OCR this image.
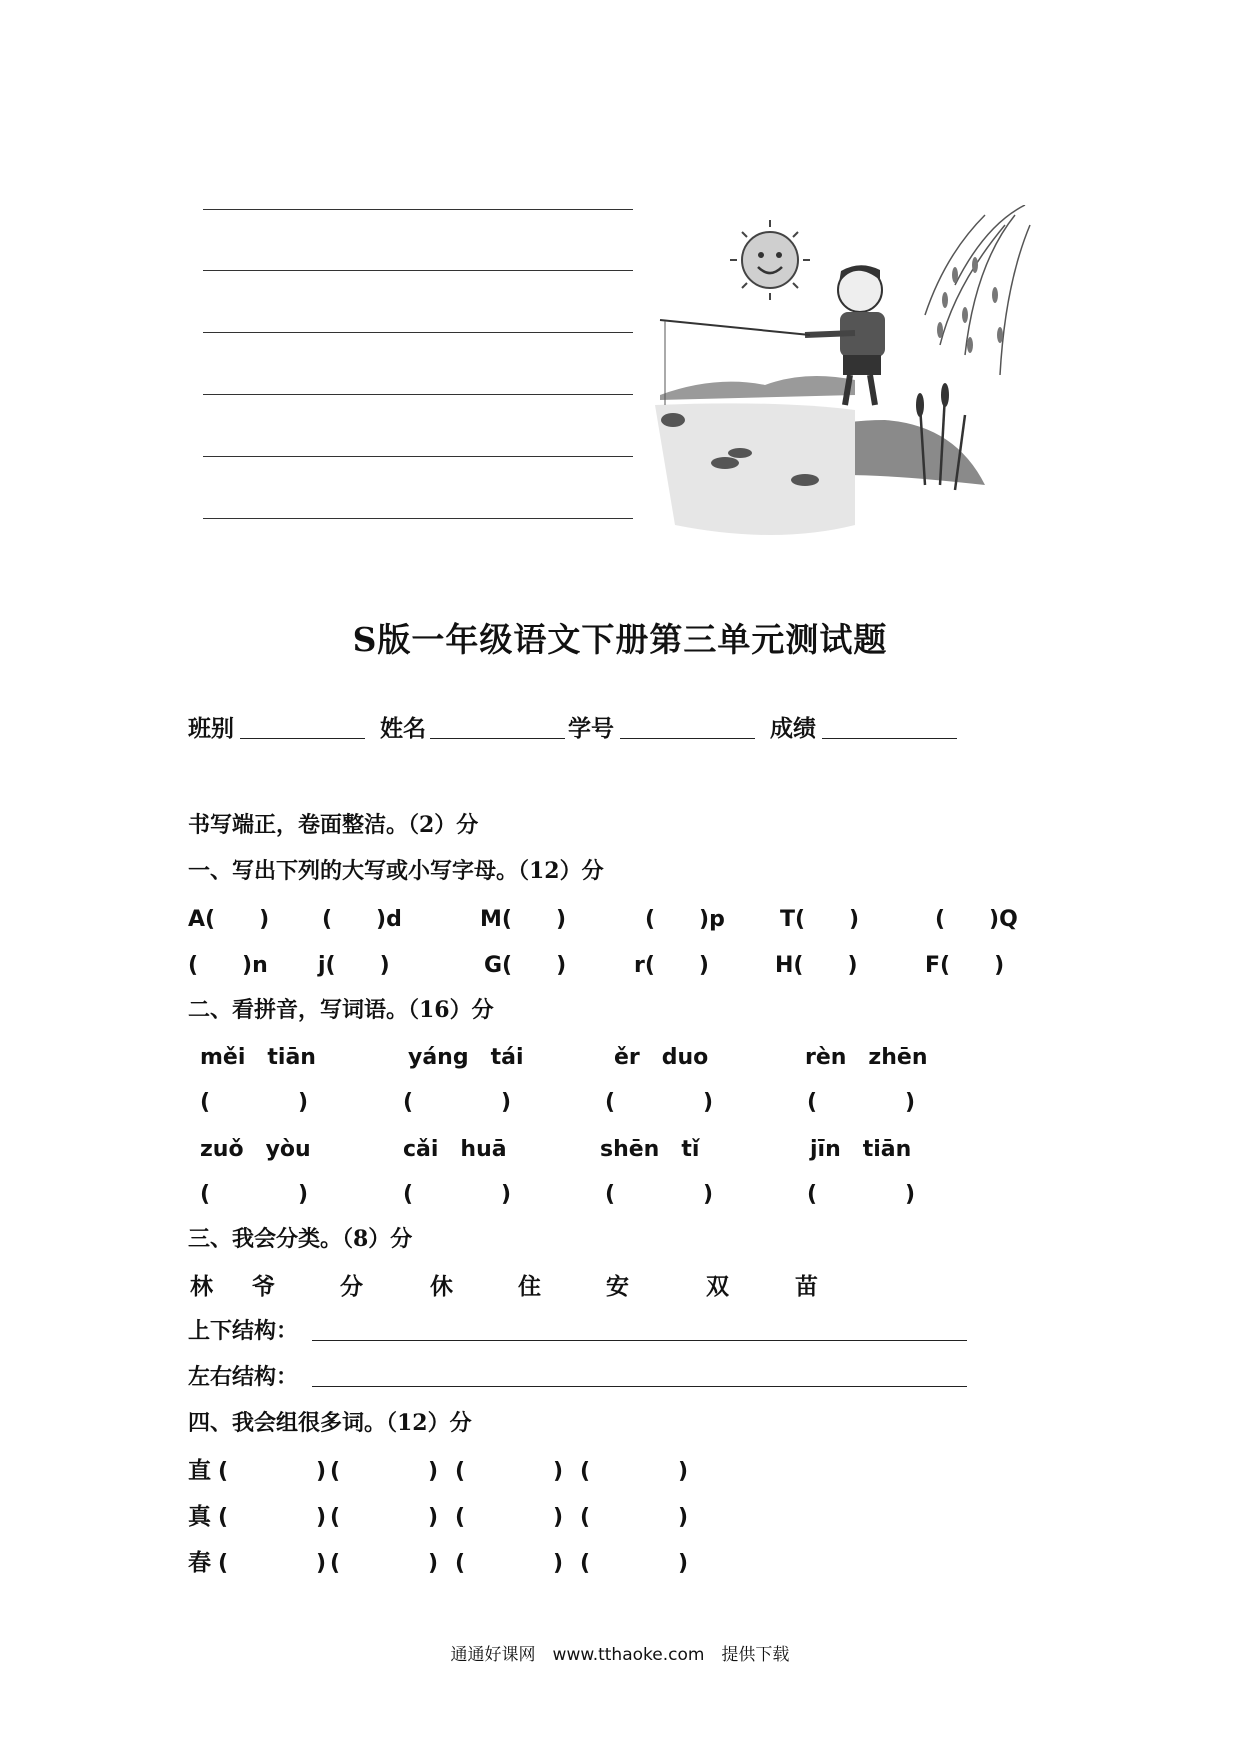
S版一年级语文下册第三单元测试题
班别	姓名	学号	成绩
书写端正，卷面整洁。（2）分
一、写出下列的大写或小写字母。（12）分
A(　　) (　　)d	M(　　)	(　　)p	T(　　)	(　　)Q
(　　)n j(　　)	G(　　)	r(　　)	H(　　)	F(　　)
二、看拼音，写词语。（16）分
měi　tiān	yáng　tái	ěr　duo	rèn　zhēn
(　　　　)	(　　　　)	(　　　　)	(　　　　)
zuǒ　yòu	cǎi　huā	shēn　tǐ	jīn　tiān
(　　　　)	(　　　　)	(　　　　)	(　　　　)
三、我会分类。（8）分
林 爷	分	休	住	安	双	苗
上下结构：
左右结构：
四、我会组很多词。（12）分
直 (　　　　) (　　　　) (　　　　) (　　　　)
真 (　　　　) (　　　　) (　　　　) (　　　　)
春 (　　　　) (　　　　) (　　　　) (　　　　)
通通好课网　www.tthaoke.com　提供下载
